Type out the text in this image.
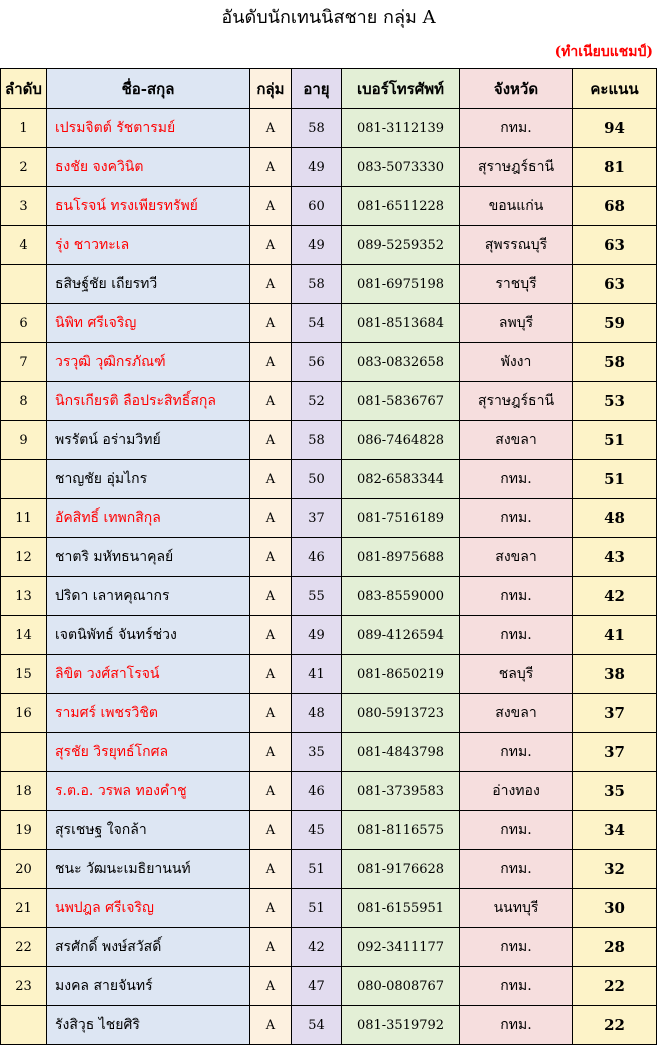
อันดับนักเทนนิสชาย กลุ่ม A
(ทำเนียบแชมป์)
ลำดับ	ชื่อ-สกุล	กลุ่ม	อายุ	เบอร์โทรศัพท์	จังหวัด	คะแนน
1	เปรมจิตต์ รัชตารมย์	A	58	081-3112139	กทม.	94
2	ธงชัย จงควินิต	A	49	083-5073330	สุราษฎร์ธานี	81
3	ธนโรจน์ ทรงเพียรทรัพย์	A	60	081-6511228	ขอนแก่น	68
4	รุ่ง ชาวทะเล	A	49	089-5259352	สุพรรณบุรี	63
	ธสิษฐ์ชัย เถียรทวี	A	58	081-6975198	ราชบุรี	63
6	นิพิท ศรีเจริญ	A	54	081-8513684	ลพบุรี	59
7	วรวุฒิ วุฒิกรภัณฑ์	A	56	083-0832658	พังงา	58
8	นิกรเกียรติ ลือประสิทธิ์สกุล	A	52	081-5836767	สุราษฎร์ธานี	53
9	พรรัตน์ อร่ามวิทย์	A	58	086-7464828	สงขลา	51
	ชาญชัย อุ่มไกร	A	50	082-6583344	กทม.	51
11	อัคสิทธิ์ เทพกสิกุล	A	37	081-7516189	กทม.	48
12	ชาตริ มหัทธนาคุลย์	A	46	081-8975688	สงขลา	43
13	ปริดา เลาหคุณากร	A	55	083-8559000	กทม.	42
14	เจตนิพัทธ์ จันทร์ช่วง	A	49	089-4126594	กทม.	41
15	ลิขิต วงศ์สาโรจน์	A	41	081-8650219	ชลบุรี	38
16	รามศร์ เพชรวิชิต	A	48	080-5913723	สงขลา	37
	สุรชัย วิรยุทธ์โกศล	A	35	081-4843798	กทม.	37
18	ร.ต.อ. วรพล ทองคำชู	A	46	081-3739583	อ่างทอง	35
19	สุรเชษฐ ใจกล้า	A	45	081-8116575	กทม.	34
20	ชนะ วัฒนะเมธิยานนท์	A	51	081-9176628	กทม.	32
21	นพปฎล ศรีเจริญ	A	51	081-6155951	นนทบุรี	30
22	สรศักดิ์ พงษ์สวัสดิ์	A	42	092-3411177	กทม.	28
23	มงคล สายจันทร์	A	47	080-0808767	กทม.	22
	รังสิวุธ ไชยศิริ	A	54	081-3519792	กทม.	22
